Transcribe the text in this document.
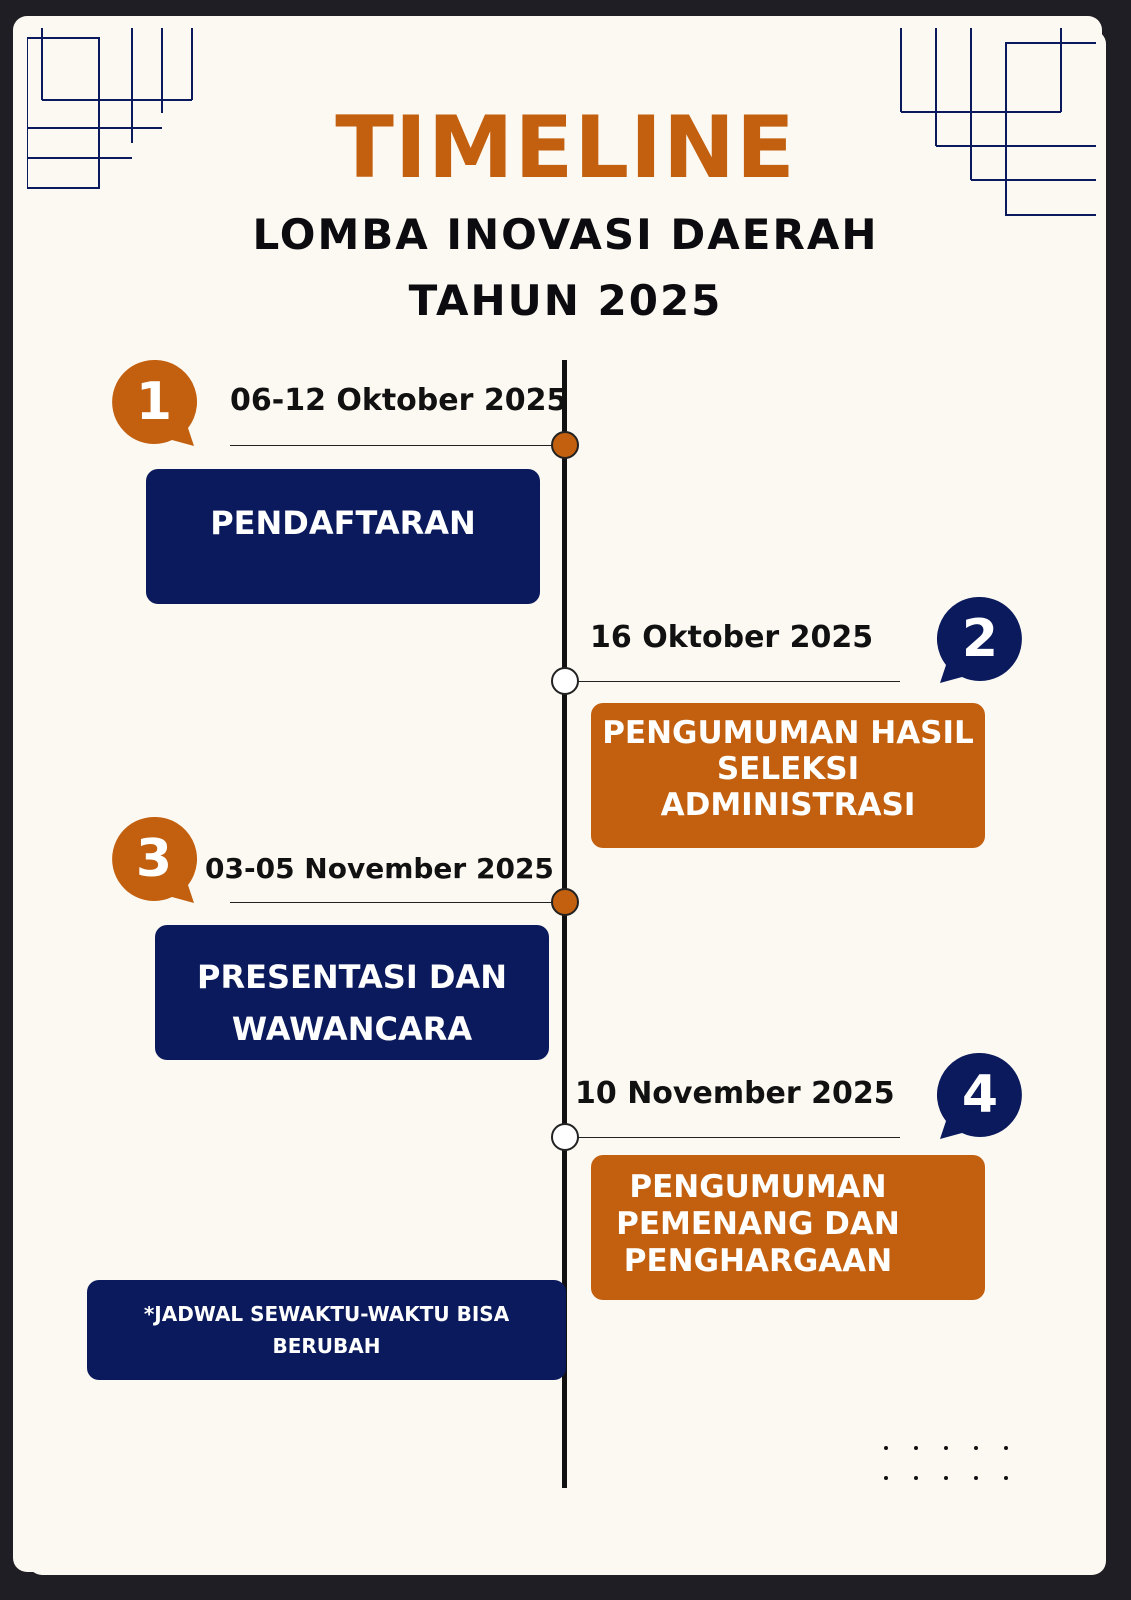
TIMELINE
LOMBA INOVASI DAERAH
TAHUN 2025
1	06-12 Oktober 2025
PENDAFTARAN
2
16 Oktober 2025
PENGUMUMAN HASIL
SELEKSI ADMINISTRASI
3	03-05 November 2025
PRESENTASI DAN
WAWANCARA
4
10 November 2025
PENGUMUMAN
PEMENANG DAN
PENGHARGAAN
*JADWAL SEWAKTU-WAKTU BISA
BERUBAH
